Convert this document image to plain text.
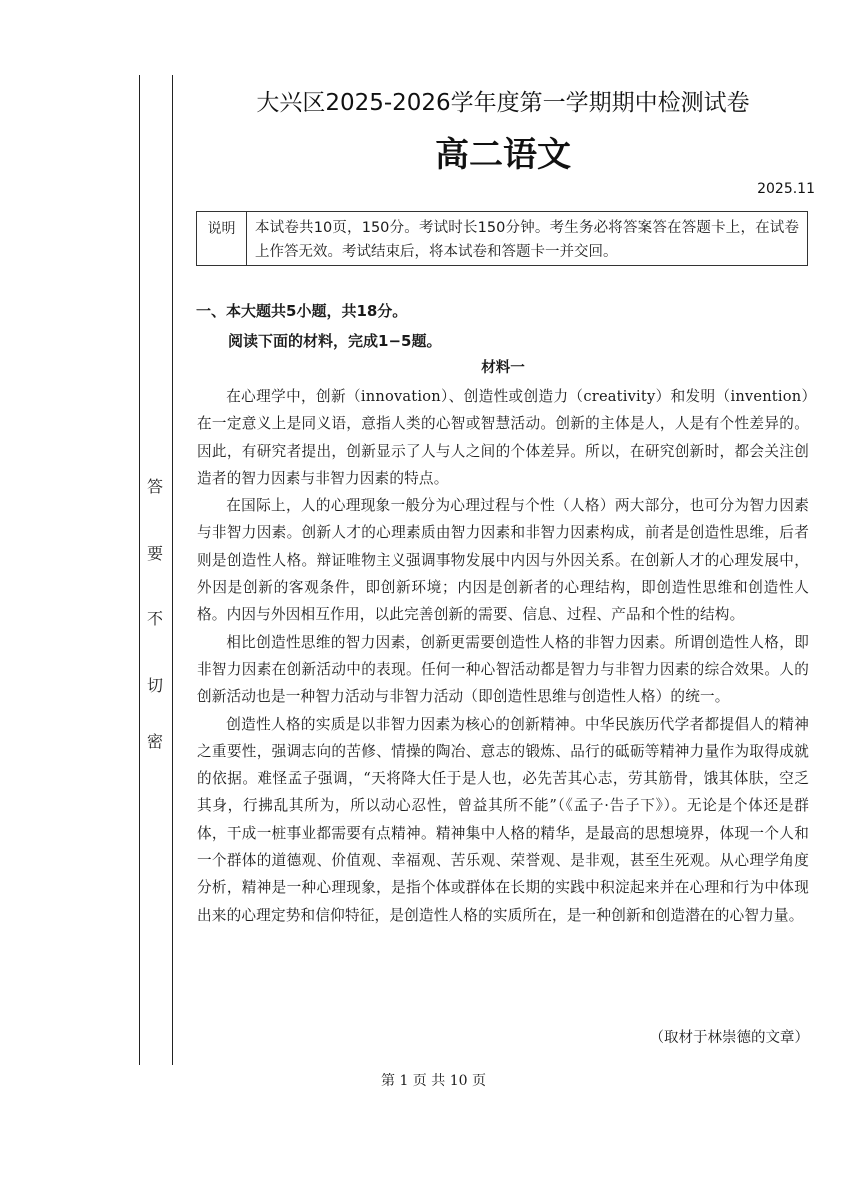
答
要
不
切
密
大兴区2025-2026学年度第一学期期中检测试卷
高二语文
2025.11
说明	本试卷共10页，150分。考试时长150分钟。考生务必将答案答在答题卡上，在试卷上作答无效。考试结束后，将本试卷和答题卡一并交回。
一、本大题共5小题，共18分。
阅读下面的材料，完成1−5题。
材料一

在心理学中，创新（innovation）、创造性或创造力（creativity）和发明（invention）在一定意义上是同义语，意指人类的心智或智慧活动。创新的主体是人，人是有个性差异的。因此，有研究者提出，创新显示了人与人之间的个体差异。所以，在研究创新时，都会关注创造者的智力因素与非智力因素的特点。

在国际上，人的心理现象一般分为心理过程与个性（人格）两大部分，也可分为智力因素与非智力因素。创新人才的心理素质由智力因素和非智力因素构成，前者是创造性思维，后者则是创造性人格。辩证唯物主义强调事物发展中内因与外因关系。在创新人才的心理发展中，外因是创新的客观条件，即创新环境；内因是创新者的心理结构，即创造性思维和创造性人格。内因与外因相互作用，以此完善创新的需要、信息、过程、产品和个性的结构。

相比创造性思维的智力因素，创新更需要创造性人格的非智力因素。所谓创造性人格，即非智力因素在创新活动中的表现。任何一种心智活动都是智力与非智力因素的综合效果。人的创新活动也是一种智力活动与非智力活动（即创造性思维与创造性人格）的统一。

创造性人格的实质是以非智力因素为核心的创新精神。中华民族历代学者都提倡人的精神之重要性，强调志向的苦修、情操的陶冶、意志的锻炼、品行的砥砺等精神力量作为取得成就的依据。难怪孟子强调，“天将降大任于是人也，必先苦其心志，劳其筋骨，饿其体肤，空乏其身，行拂乱其所为，所以动心忍性，曾益其所不能”（《孟子·告子下》）。无论是个体还是群体，干成一桩事业都需要有点精神。精神集中人格的精华，是最高的思想境界，体现一个人和一个群体的道德观、价值观、幸福观、苦乐观、荣誉观、是非观，甚至生死观。从心理学角度分析，精神是一种心理现象，是指个体或群体在长期的实践中积淀起来并在心理和行为中体现出来的心理定势和信仰特征，是创造性人格的实质所在，是一种创新和创造潜在的心智力量。

（取材于林崇德的文章）
第 1 页 共 10 页
